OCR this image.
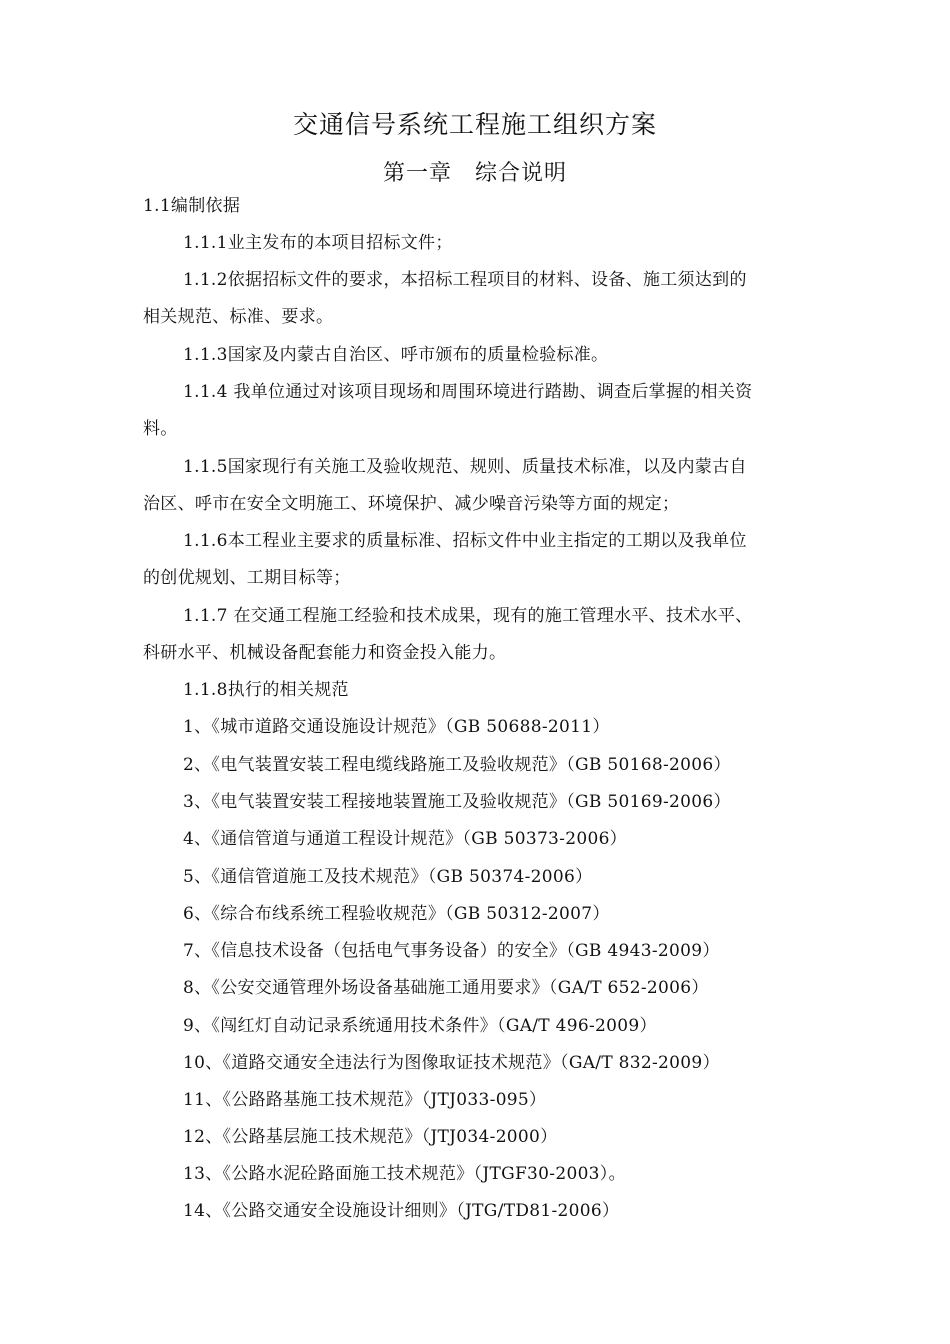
交通信号系统工程施工组织方案
第一章　综合说明
1.1编制依据
1.1.1业主发布的本项目招标文件；
1.1.2依据招标文件的要求，本招标工程项目的材料、设备、施工须达到的
相关规范、标准、要求。
1.1.3国家及内蒙古自治区、呼市颁布的质量检验标准。
1.1.4 我单位通过对该项目现场和周围环境进行踏勘、调查后掌握的相关资
料。
1.1.5国家现行有关施工及验收规范、规则、质量技术标准，以及内蒙古自
治区、呼市在安全文明施工、环境保护、减少噪音污染等方面的规定；
1.1.6本工程业主要求的质量标准、招标文件中业主指定的工期以及我单位
的创优规划、工期目标等；
1.1.7 在交通工程施工经验和技术成果，现有的施工管理水平、技术水平、
科研水平、机械设备配套能力和资金投入能力。
1.1.8执行的相关规范
1、《城市道路交通设施设计规范》（GB 50688-2011）
2、《电气装置安装工程电缆线路施工及验收规范》（GB 50168-2006）
3、《电气装置安装工程接地装置施工及验收规范》（GB 50169-2006）
4、《通信管道与通道工程设计规范》（GB 50373-2006）
5、《通信管道施工及技术规范》（GB 50374-2006）
6、《综合布线系统工程验收规范》（GB 50312-2007）
7、《信息技术设备（包括电气事务设备）的安全》（GB 4943-2009）
8、《公安交通管理外场设备基础施工通用要求》（GA/T 652-2006）
9、《闯红灯自动记录系统通用技术条件》（GA/T 496-2009）
10、《道路交通安全违法行为图像取证技术规范》（GA/T 832-2009）
11、《公路路基施工技术规范》（JTJ033-095）
12、《公路基层施工技术规范》（JTJ034-2000）
13、《公路水泥砼路面施工技术规范》（JTGF30-2003）。
14、《公路交通安全设施设计细则》（JTG/TD81-2006）
